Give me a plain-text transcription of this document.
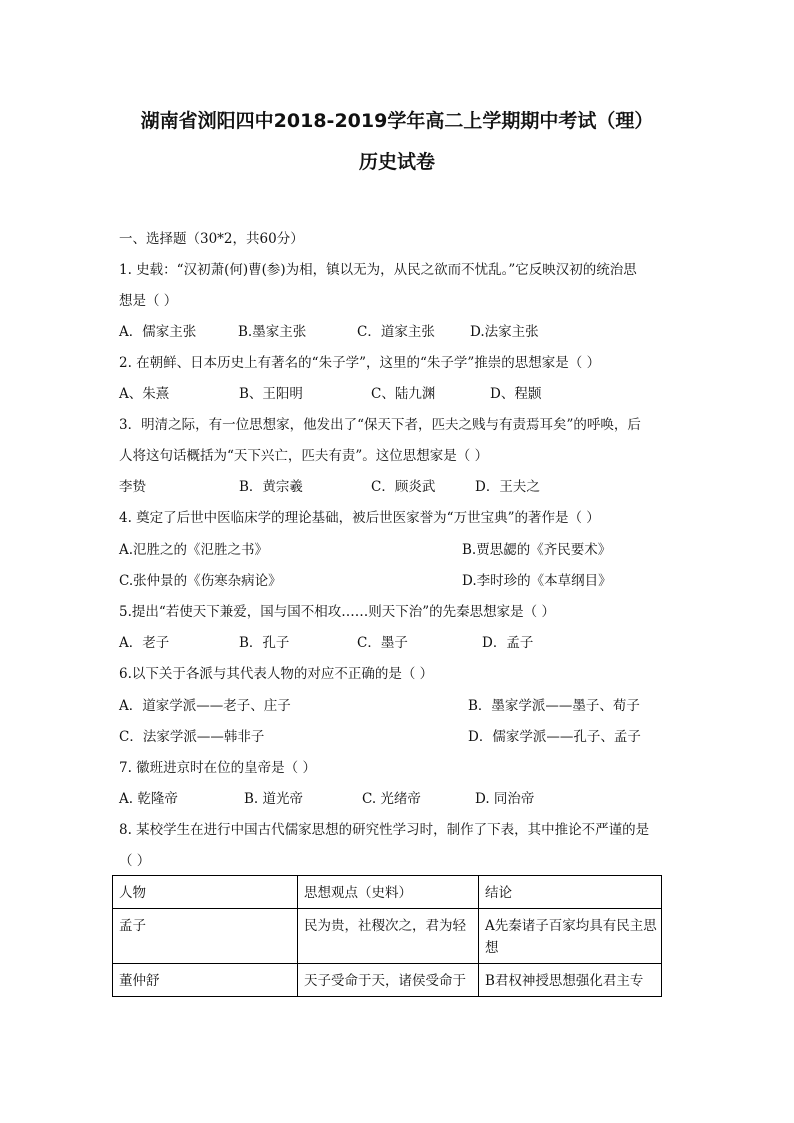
湖南省浏阳四中2018-2019学年高二上学期期中考试（理）
历史试卷
一、选择题（30*2，共60分）
1. 史载：“汉初萧(何)曹(参)为相，镇以无为，从民之欲而不忧乱。”它反映汉初的统治思
想是（ ）
A．儒家主张	B.墨家主张	C．道家主张	D.法家主张
2. 在朝鲜、日本历史上有著名的“朱子学”，这里的“朱子学”推崇的思想家是（ ）
A、朱熹	B、王阳明	C、陆九渊	D、程颢
3．明清之际，有一位思想家，他发出了“保天下者，匹夫之贱与有责焉耳矣”的呼唤，后
人将这句话概括为“天下兴亡，匹夫有责”。这位思想家是（ ）
李贽	B．黄宗羲	C．顾炎武	D．王夫之
4. 奠定了后世中医临床学的理论基础，被后世医家誉为“万世宝典”的著作是（ ）
A.氾胜之的《氾胜之书》	B.贾思勰的《齐民要术》
C.张仲景的《伤寒杂病论》	D.李时珍的《本草纲目》
5.提出“若使天下兼爱，国与国不相攻……则天下治”的先秦思想家是（ ）
A．老子	B．孔子	C．墨子	D．孟子
6.以下关于各派与其代表人物的对应不正确的是（ ）
A．道家学派——老子、庄子	B．墨家学派——墨子、荀子
C．法家学派——韩非子	D．儒家学派——孔子、孟子
7. 徽班进京时在位的皇帝是（ ）
A. 乾隆帝	B. 道光帝	C. 光绪帝	D. 同治帝
8. 某校学生在进行中国古代儒家思想的研究性学习时，制作了下表，其中推论不严谨的是
（ ）
人物	思想观点（史料）	结论
孟子	民为贵，社稷次之，君为轻	A先秦诸子百家均具有民主思想
董仲舒	天子受命于天，诸侯受命于	B君权神授思想强化君主专
